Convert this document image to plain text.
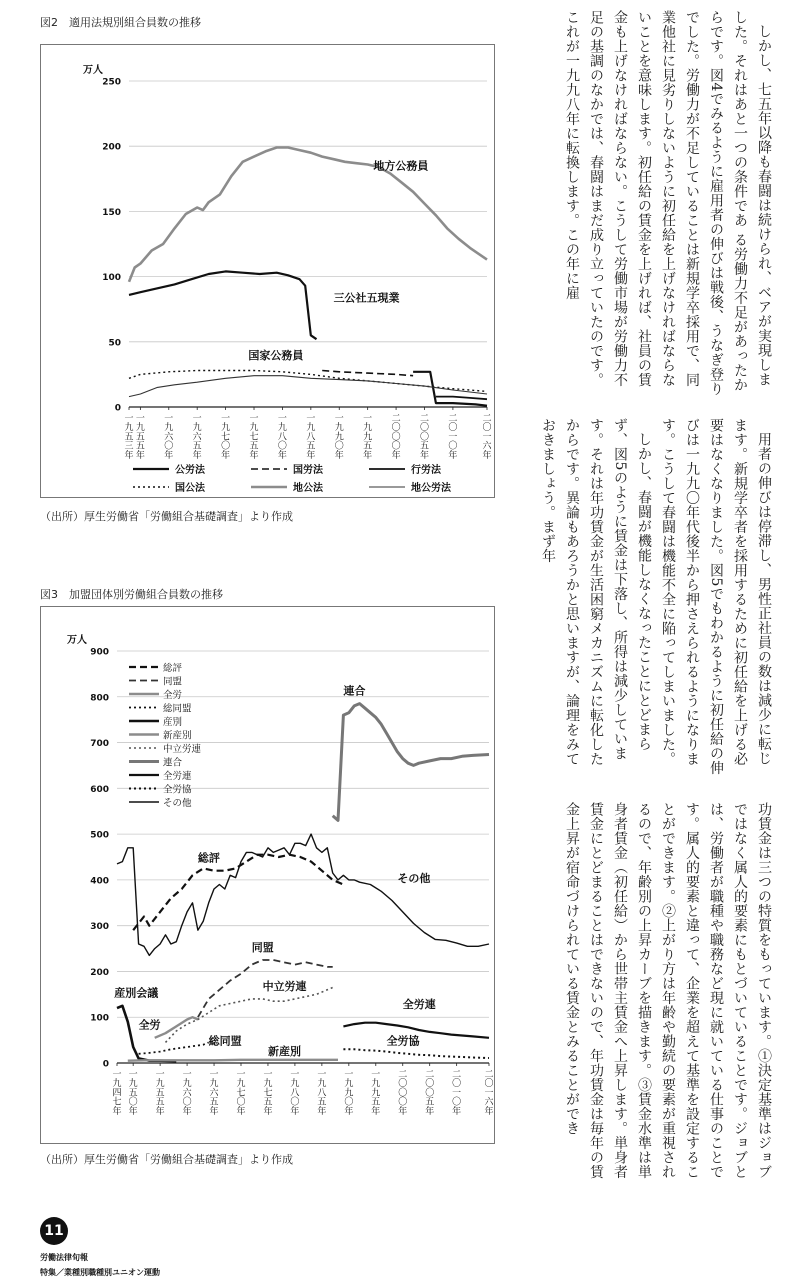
図2　適用法規別組合員数の推移
万人
0
50
100
150
200
250
一九五三年
一九五五年
一九六〇年
一九六五年
一九七〇年
一九七五年
一九八〇年
一九八五年
一九九〇年
一九九五年
二〇〇〇年
二〇〇五年
二〇一〇年
二〇一六年
地方公務員
三公社五現業
国家公務員
公労法	国労法	行労法
国公法	地公法	地公労法
（出所）厚生労働省「労働組合基礎調査」より作成
図3　加盟団体別労働組合員数の推移
万人
0
100
200
300
400
500
600
700
800
900
一九四七年
一九五〇年
一九五五年
一九六〇年
一九六五年
一九七〇年
一九七五年
一九八〇年
一九八五年
一九九〇年
一九九五年
二〇〇〇年
二〇〇五年
二〇一〇年
二〇一六年
連合
総評
その他
同盟
中立労連
産別会議
全労
総同盟
新産別
全労連
全労協
総評
同盟
全労
総同盟
産別
新産別
中立労連
連合
全労連
全労協
その他
（出所）厚生労働省「労働組合基礎調査」より作成

しかし、七五年以降も春闘は続けられ、ベアが実現しました。それはあと一つの条件であ る労働力不足があったからです。図4でみるように雇用者の伸びは戦後、うなぎ登りでした。労働力が不足していることは新規学卒採用で、同業他社に見劣りしないように初任給を上げなければならないことを意味します。初任給の賃金を上げれば、社員の賃金も上げなければならない。こうして労働市場が労働力不足の基調のなかでは、春闘はまだ成り立っていたのです。これが一九九八年に転換します。この年に雇

用者の伸びは停滞し、男性正社員の数は減少に転じます。新規学卒者を採用するために初任給を上げる必要はなくなりました。図5でもわかるように初任給の伸びは一九九〇年代後半から押さえられるようになります。こうして春闘は機能不全に陥ってしまいました。

しかし、春闘が機能しなくなったことにとどまらず、図5のように賃金は下落し、所得は減少しています。それは年功賃金が生活困窮メカニズムに転化したからです。異論もあろうかと思いますが、論理をみておきましょう。まず年

功賃金は三つの特質をもっています。①決定基準はジョブではなく属人的要素にもとづいていることです。ジョブとは、労働者が職種や職務など現に就いている仕事のことです。属人的要素と違って、企業を超えて基準を設定することができます。②上がり方は年齢や勤続の要素が重視されるので、年齢別の上昇カーブを描きます。③賃金水準は単身者賃金（初任給）から世帯主賃金へ上昇します。単身者賃金にとどまることはできないので、年功賃金は毎年の賃金上昇が宿命づけられている賃金とみることができ

11
労働法律旬報
特集／業種別職種別ユニオン運動
